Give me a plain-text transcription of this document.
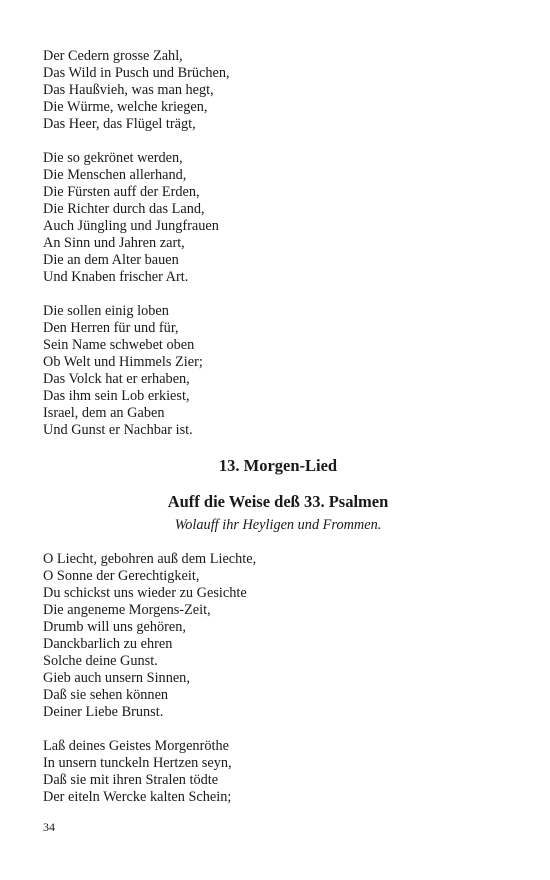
Der Cedern grosse Zahl,
Das Wild in Pusch und Brüchen,
Das Haußvieh, was man hegt,
Die Würme, welche kriegen,
Das Heer, das Flügel trägt,
Die so gekrönet werden,
Die Menschen allerhand,
Die Fürsten auff der Erden,
Die Richter durch das Land,
Auch Jüngling und Jungfrauen
An Sinn und Jahren zart,
Die an dem Alter bauen
Und Knaben frischer Art.
Die sollen einig loben
Den Herren für und für,
Sein Name schwebet oben
Ob Welt und Himmels Zier;
Das Volck hat er erhaben,
Das ihm sein Lob erkiest,
Israel, dem an Gaben
Und Gunst er Nachbar ist.
13. Morgen-Lied
Auff die Weise deß 33. Psalmen
Wolauff ihr Heyligen und Frommen.
O Liecht, gebohren auß dem Liechte,
O Sonne der Gerechtigkeit,
Du schickst uns wieder zu Gesichte
Die angeneme Morgens-Zeit,
Drumb will uns gehören,
Danckbarlich zu ehren
Solche deine Gunst.
Gieb auch unsern Sinnen,
Daß sie sehen können
Deiner Liebe Brunst.
Laß deines Geistes Morgenröthe
In unsern tunckeln Hertzen seyn,
Daß sie mit ihren Stralen tödte
Der eiteln Wercke kalten Schein;
34
